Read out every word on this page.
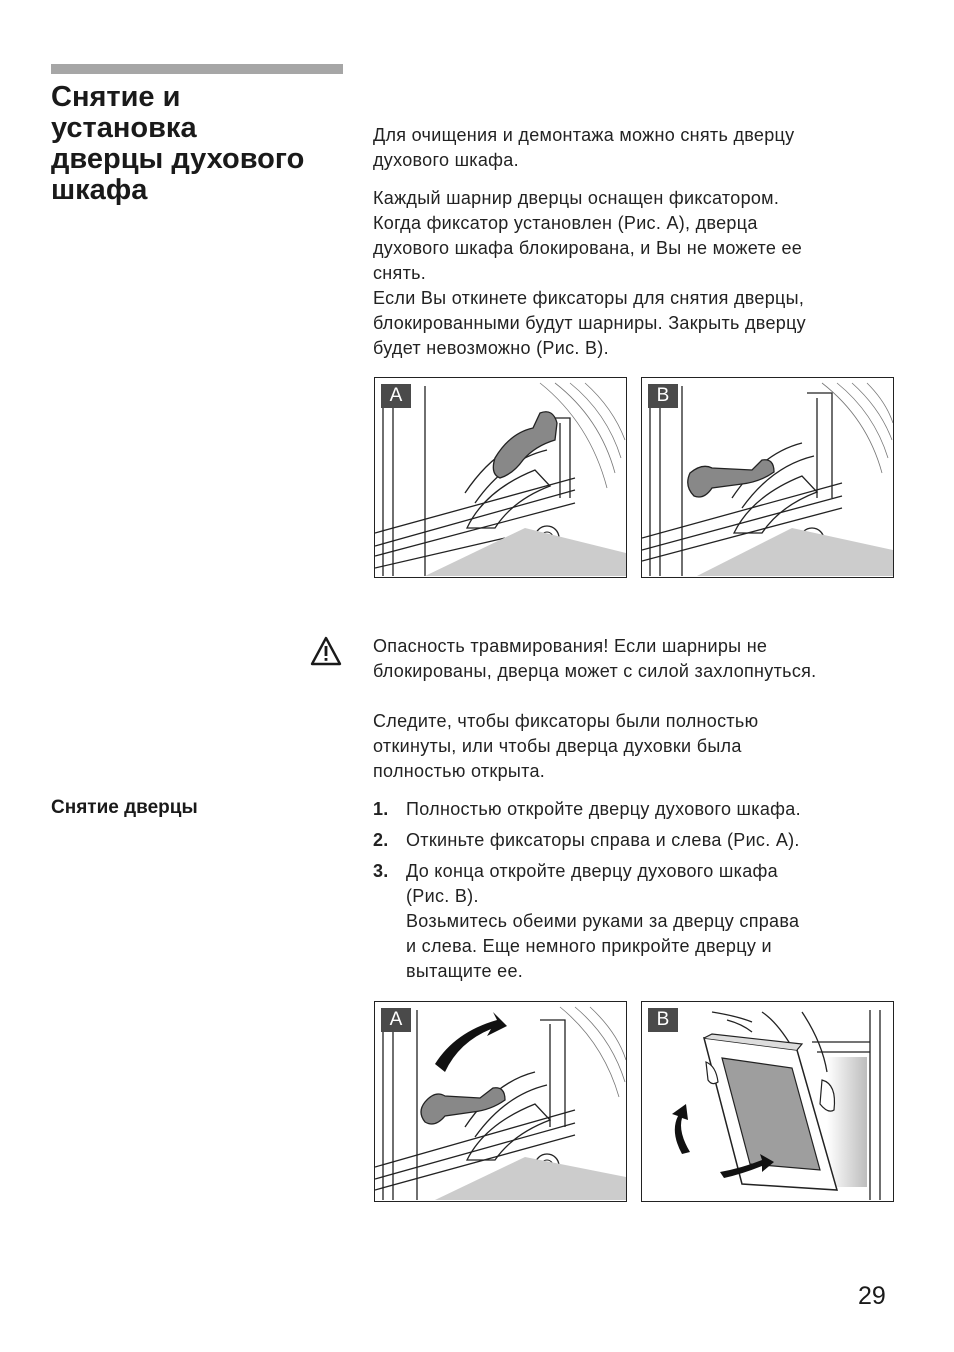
Снятие и
установка
дверцы духового
шкафа
Для очищения и демонтажа можно снять дверцу
духового шкафа.
Каждый шарнир дверцы оснащен фиксатором.
Когда фиксатор установлен (Рис. A), дверца
духового шкафа блокирована, и Вы не можете ее
снять.
Если Вы откинете фиксаторы для снятия дверцы,
блокированными будут шарниры. Закрыть дверцу
будет невозможно (Рис. B).
A	B
Опасность травмирования! Если шарниры не
блокированы, дверца может с силой захлопнуться.
Следите, чтобы фиксаторы были полностью
откинуты, или чтобы дверца духовки была
полностью открыта.
Снятие дверцы	1. Полностью откройте дверцу духового шкафа.
2. Откиньте фиксаторы справа и слева (Рис. A).
3. До конца откройте дверцу духового шкафа
(Рис. B).
Возьмитесь обеими руками за дверцу справа
и слева. Еще немного прикройте дверцу и
вытащите ее.
A	B
29
